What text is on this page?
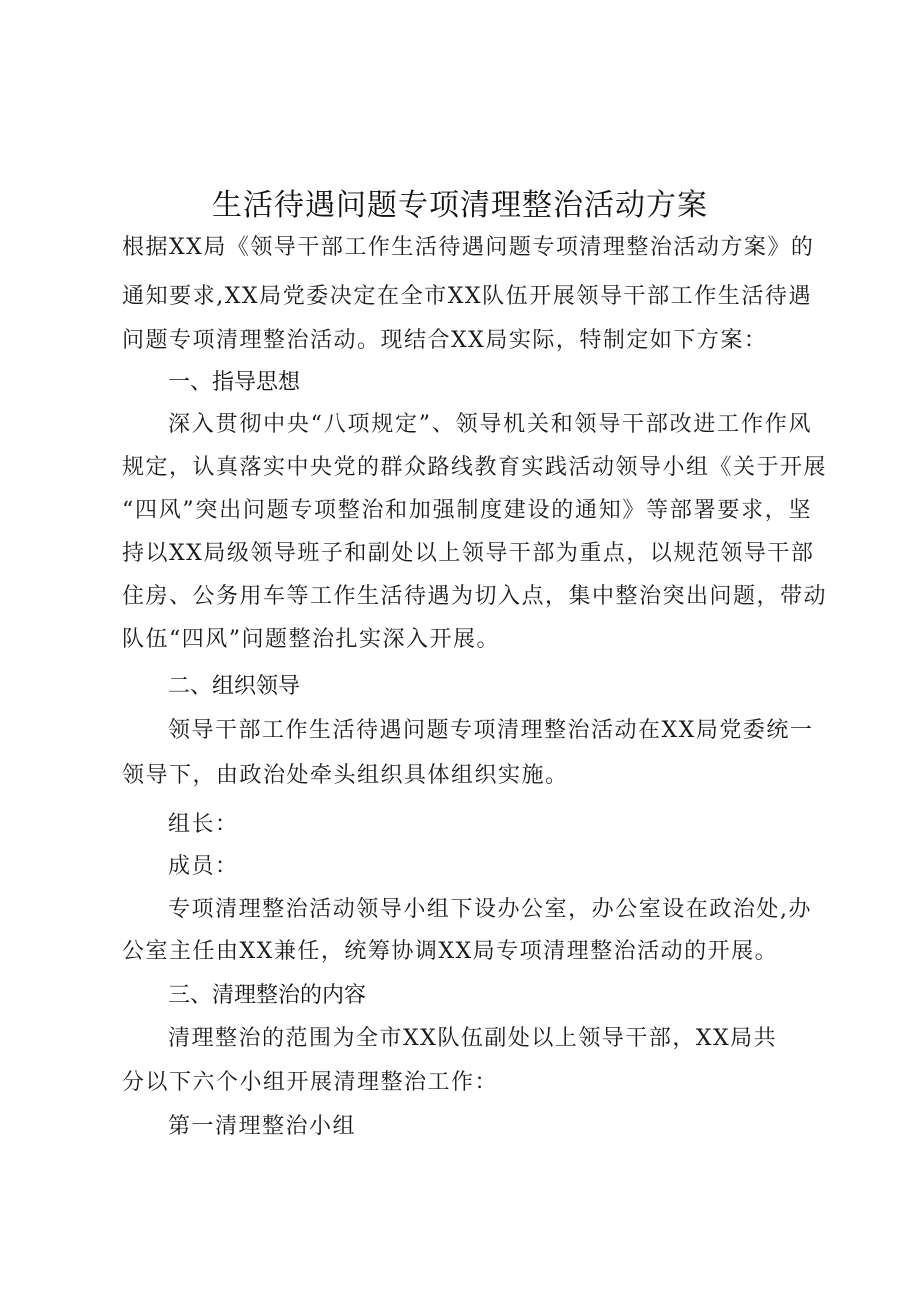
生活待遇问题专项清理整治活动方案

根据XX局《领导干部工作生活待遇问题专项清理整治活动方案》的

通知要求,XX局党委决定在全市XX队伍开展领导干部工作生活待遇

问题专项清理整治活动。现结合XX局实际，特制定如下方案：

一、指导思想

深入贯彻中央“八项规定”、领导机关和领导干部改进工作作风

规定，认真落实中央党的群众路线教育实践活动领导小组《关于开展

“四风”突出问题专项整治和加强制度建设的通知》等部署要求，坚

持以XX局级领导班子和副处以上领导干部为重点，以规范领导干部

住房、公务用车等工作生活待遇为切入点，集中整治突出问题，带动

队伍“四风”问题整治扎实深入开展。

二、组织领导

领导干部工作生活待遇问题专项清理整治活动在XX局党委统一

领导下，由政治处牵头组织具体组织实施。

组长：

成员：

专项清理整治活动领导小组下设办公室，办公室设在政治处,办

公室主任由XX兼任，统筹协调XX局专项清理整治活动的开展。

三、清理整治的内容

清理整治的范围为全市XX队伍副处以上领导干部，XX局共

分以下六个小组开展清理整治工作：

第一清理整治小组
